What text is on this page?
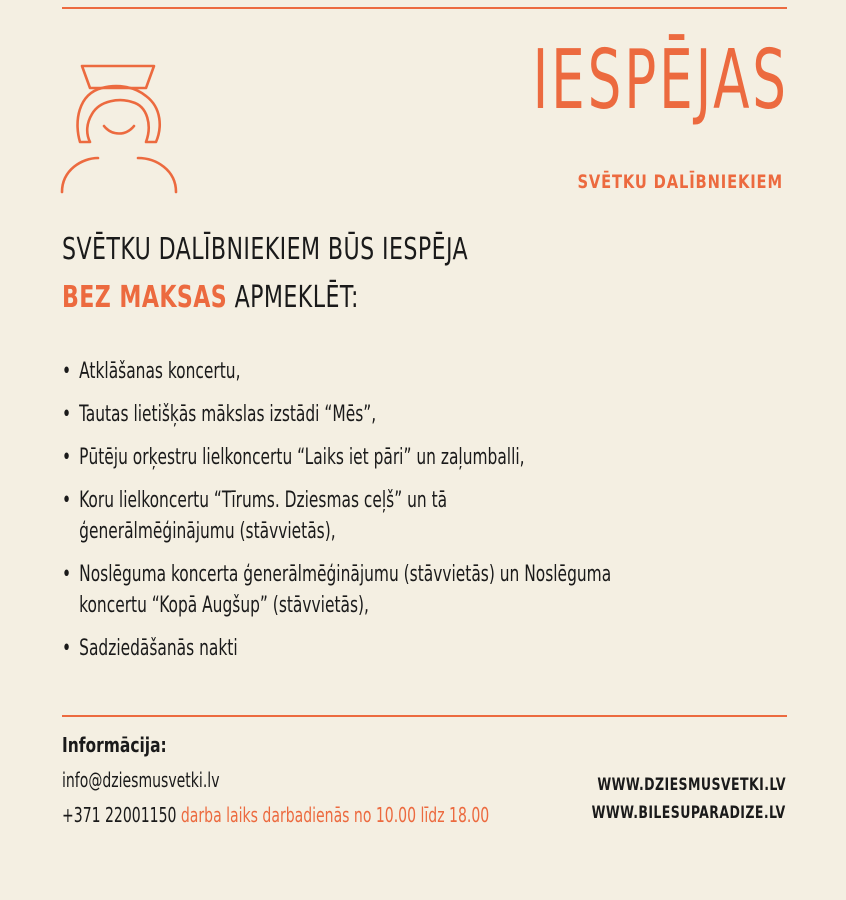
IESPĒJAS
SVĒTKU DALĪBNIEKIEM
SVĒTKU DALĪBNIEKIEM BŪS IESPĒJA
BEZ MAKSAS APMEKLĒT:
• Atklāšanas koncertu,
• Tautas lietišķās mākslas izstādi “Mēs”,
• Pūtēju orķestru lielkoncertu “Laiks iet pāri” un zaļumballi,
• Koru lielkoncertu “Tīrums. Dziesmas ceļš” un tā
ģenerālmēģinājumu (stāvvietās),
• Noslēguma koncerta ģenerālmēģinājumu (stāvvietās) un Noslēguma
koncertu “Kopā Augšup” (stāvvietās),
• Sadziedāšanās nakti
Informācija:
info@dziesmusvetki.lv
+371 22001150 darba laiks darbadienās no 10.00 līdz 18.00
WWW.DZIESMUSVETKI.LV
WWW.BILESUPARADIZE.LV
